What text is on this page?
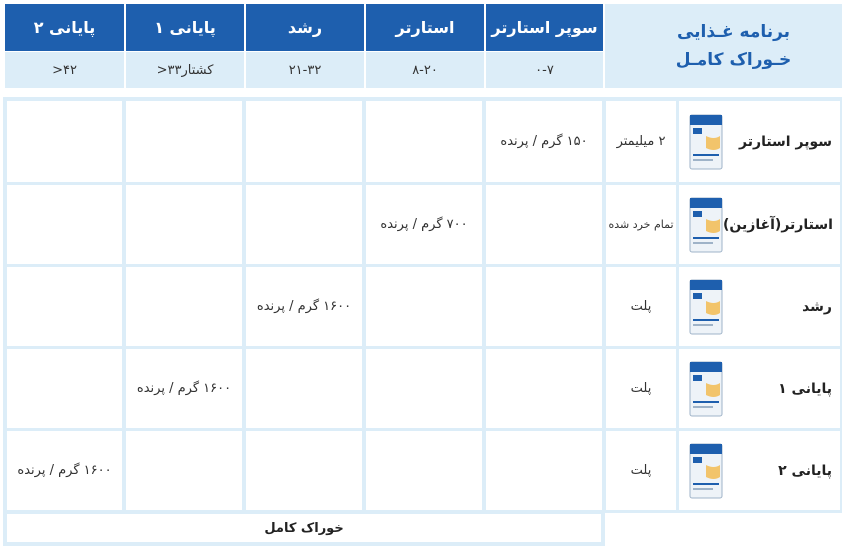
برنامه غـذایی
خـوراک کامـل
سوپر استارتر
استارتر
رشد
پایانی ۱
پایانی ۲
۰-۷
۸-۲۰
۲۱-۳۲
کشتار۳۳<
۴۲<
سوپر استارتر
۲ میلیمتر
۱۵۰ گرم / پرنده
استارتر(آغازین)
تمام خرد شده
۷۰۰ گرم / پرنده
رشد
پلت
۱۶۰۰ گرم / پرنده
پایانی ۱
پلت
۱۶۰۰ گرم / پرنده
پایانی ۲
پلت
۱۶۰۰ گرم / پرنده
خوراک کامل
